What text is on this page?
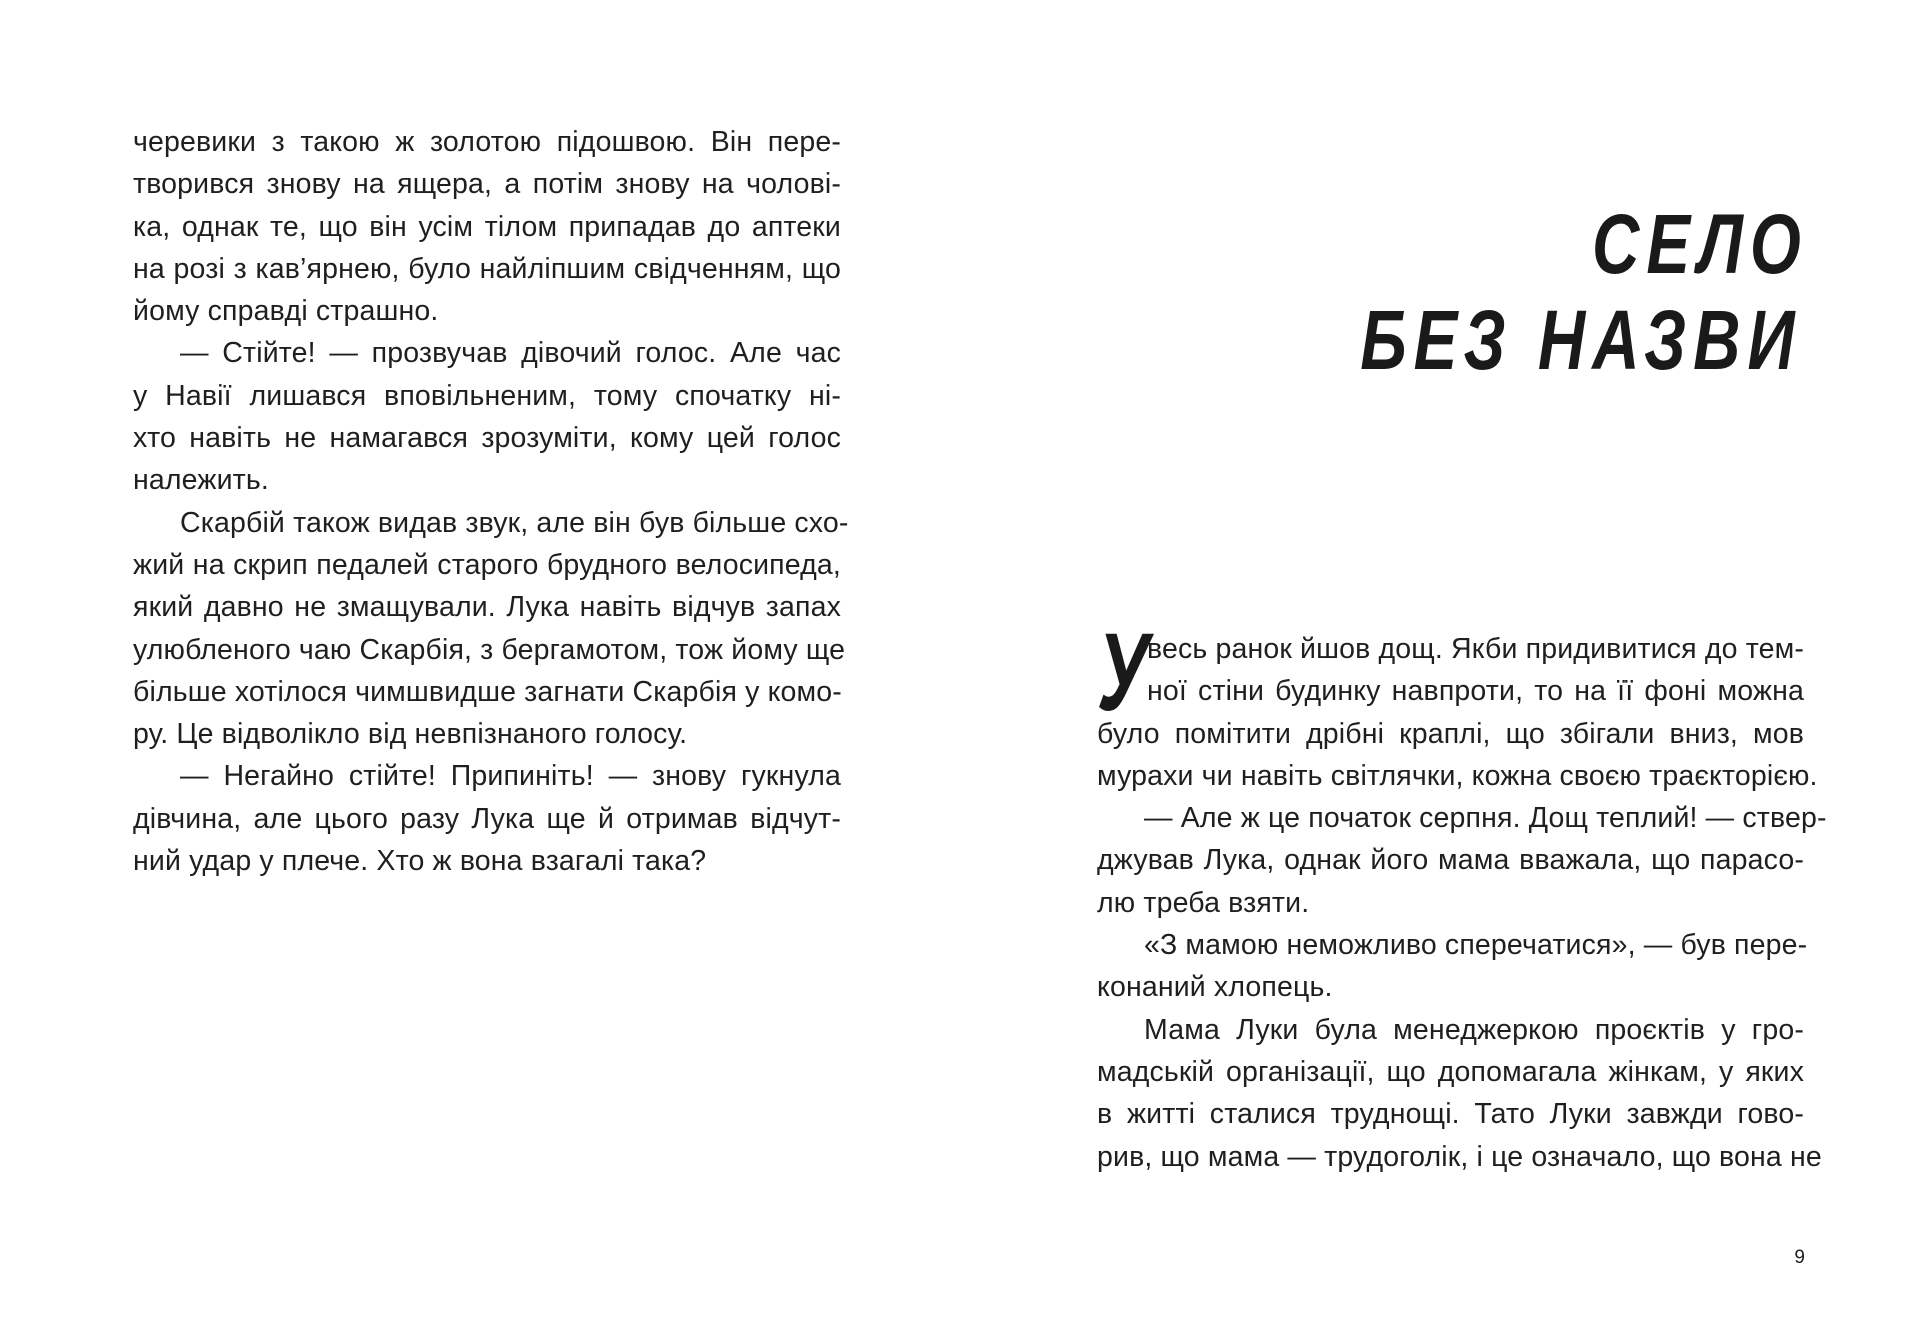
черевики з такою ж золотою підошвою. Він пере-

творився знову на ящера, а потім знову на чолові-

ка, однак те, що він усім тілом припадав до аптеки

на розі з кав’ярнею, було найліпшим свідченням, що

йому справді страшно.

— Стійте! — прозвучав дівочий голос. Але час

у Навії лишався вповільненим, тому спочатку ні-

хто навіть не намагався зрозуміти, кому цей голос

належить.

Скарбій також видав звук, але він був більше схо-

жий на скрип педалей старого брудного велосипеда,

який давно не змащували. Лука навіть відчув запах

улюбленого чаю Скарбія, з бергамотом, тож йому ще

більше хотілося чимшвидше загнати Скарбія у комо-

ру. Це відволікло від невпізнаного голосу.

— Негайно стійте! Припиніть! — знову гукнула

дівчина, але цього разу Лука ще й отримав відчут-

ний удар у плече. Хто ж вона взагалі така?

СЕЛО
БЕЗ НАЗВИ
У

весь ранок йшов дощ. Якби придивитися до тем-

ної стіни будинку навпроти, то на її фоні можна

було помітити дрібні краплі, що збігали вниз, мов

мурахи чи навіть світлячки, кожна своєю траєкторією.

— Але ж це початок серпня. Дощ теплий! — ствер-

джував Лука, однак його мама вважала, що парасо-

лю треба взяти.

«З мамою неможливо сперечатися», — був пере-

конаний хлопець.

Мама Луки була менеджеркою проєктів у гро-

мадській організації, що допомагала жінкам, у яких

в житті сталися труднощі. Тато Луки завжди гово-

рив, що мама — трудоголік, і це означало, що вона не

9
